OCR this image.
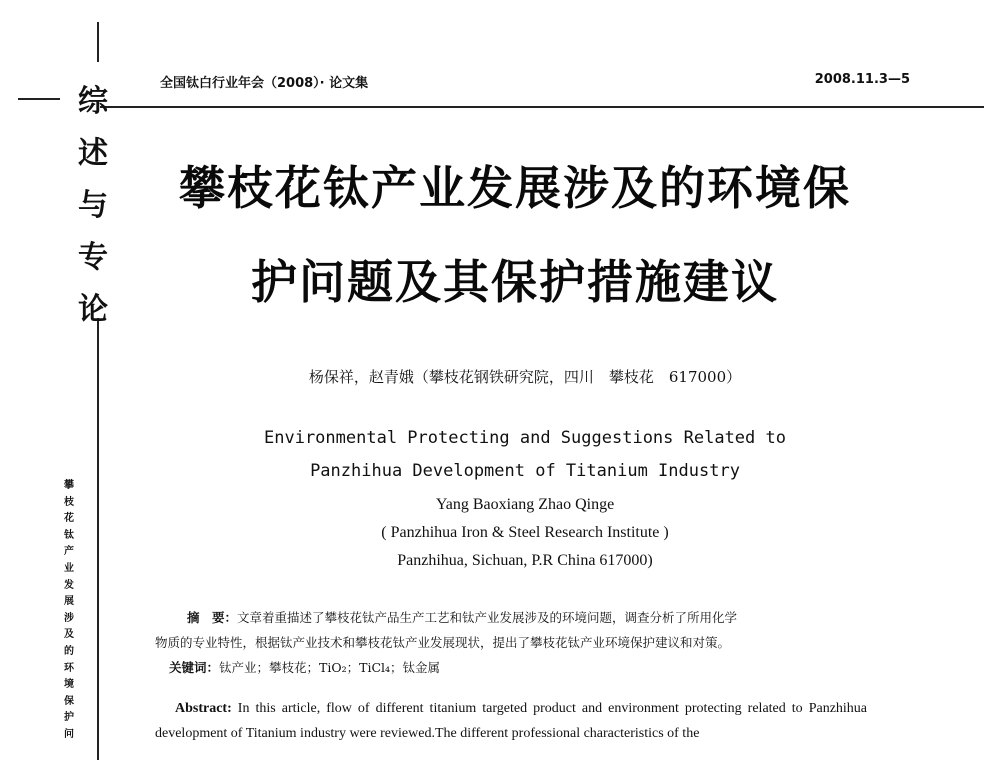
综
述
与
专
论
攀
枝
花
钛
产
业
发
展
涉
及
的
环
境
保
护
问
全国钛白行业年会（2008）· 论文集	2008.11.3—5
攀枝花钛产业发展涉及的环境保
护问题及其保护措施建议
杨保祥，赵青娥（攀枝花钢铁研究院，四川　攀枝花　617000）
Environmental Protecting and Suggestions Related to
Panzhihua Development of Titanium Industry
Yang Baoxiang Zhao Qinge
( Panzhihua Iron & Steel Research Institute )
Panzhihua, Sichuan, P.R China 617000)
摘　要：文章着重描述了攀枝花钛产品生产工艺和钛产业发展涉及的环境问题，调查分析了所用化学
物质的专业特性，根据钛产业技术和攀枝花钛产业发展现状，提出了攀枝花钛产业环境保护建议和对策。
关键词：钛产业；攀枝花；TiO₂；TiCl₄；钛金属
Abstract: In this article, flow of different titanium targeted product and environment protecting related to Panzhihua development of Titanium industry were reviewed.The different professional characteristics of the
